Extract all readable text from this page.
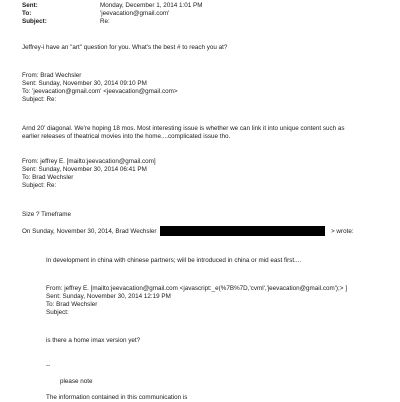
Sent:	Monday, December 1, 2014 1:01 PM
To:	'jeevacation@gmail.com'
Subject:	Re:
Jeffrey-i have an "art" question for you. What's the best # to reach you at?
From: Brad Wechsler
Sent: Sunday, November 30, 2014 09:10 PM
To: 'jeevacation@gmail.com' <jeevacation@gmail.com>
Subject: Re:
Arnd 20' diagonal. We're hoping 18 mos. Most interesting issue is whether we can link it into unique content such as
earlier releases of theatrical movies into the home....complicated issue tho.
From: jeffrey E. [mailto:jeevacation@gmail.com]
Sent: Sunday, November 30, 2014 06:41 PM
To: Brad Wechsler
Subject: Re:
Size ? Timeframe
On Sunday, November 30, 2014, Brad Wechsler	> wrote:
In development in china with chinese partners; will be introduced in china or mid east first....
From: jeffrey E. [mailto:jeevacation@gmail.com <javascript:_e(%7B%7D,'cvml','jeevacation@gmail.com');> ]
Sent: Sunday, November 30, 2014 12:19 PM
To: Brad Wechsler
Subject:
is there a home imax version yet?
--
please note
The information contained in this communication is
